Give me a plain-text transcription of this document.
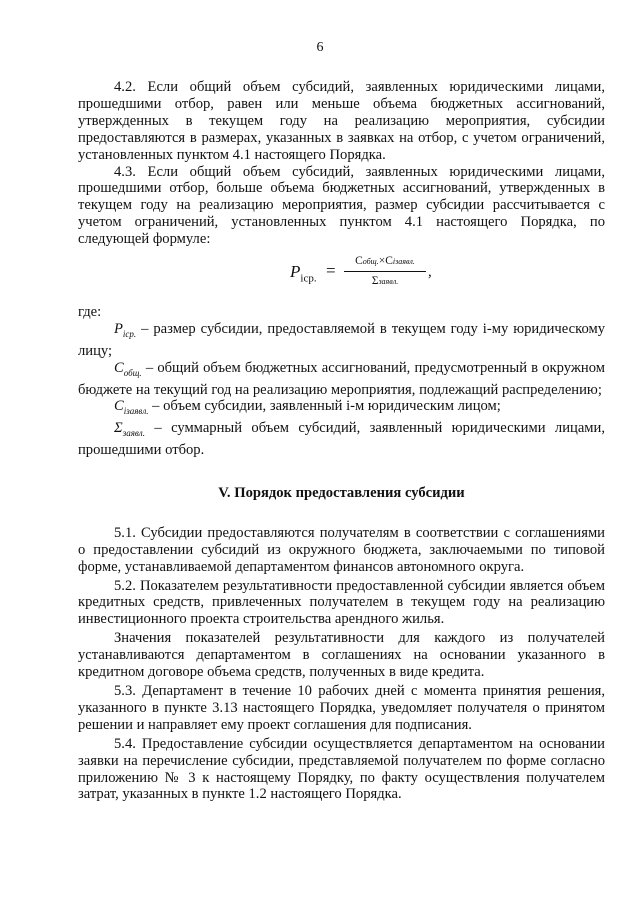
6

4.2. Если общий объем субсидий, заявленных юридическими лицами, прошедшими отбор, равен или меньше объема бюджетных ассигнований, утвержденных в текущем году на реализацию мероприятия, субсидии предоставляются в размерах, указанных в заявках на отбор, с учетом ограничений, установленных пунктом 4.1 настоящего Порядка.

4.3. Если общий объем субсидий, заявленных юридическими лицами, прошедшими отбор, больше объема бюджетных ассигнований, утвержденных в текущем году на реализацию мероприятия, размер субсидии рассчитывается с учетом ограничений, установленных пунктом 4.1 настоящего Порядка, по следующей формуле:

$P_{iср.}$ =	Cобщ.×Ciзаявл.
Σзаявл.
,

где:

$P_{iср.}$ – размер субсидии, предоставляемой в текущем году i-му юридическому лицу;

$C_{общ.}$ – общий объем бюджетных ассигнований, предусмотренный в окружном бюджете на текущий год на реализацию мероприятия, подлежащий распределению;

$C_{iзаявл.}$ – объем субсидии, заявленный i-м юридическим лицом;

$\Sigma_{заявл.}$ – суммарный объем субсидий, заявленный юридическими лицами, прошедшими отбор.

V. Порядок предоставления субсидии

5.1. Субсидии предоставляются получателям в соответствии с соглашениями о предоставлении субсидий из окружного бюджета, заключаемыми по типовой форме, устанавливаемой департаментом финансов автономного округа.

5.2. Показателем результативности предоставленной субсидии является объем кредитных средств, привлеченных получателем в текущем году на реализацию инвестиционного проекта строительства арендного жилья.

Значения показателей результативности для каждого из получателей устанавливаются департаментом в соглашениях на основании указанного в кредитном договоре объема средств, полученных в виде кредита.

5.3. Департамент в течение 10 рабочих дней с момента принятия решения, указанного в пункте 3.13 настоящего Порядка, уведомляет получателя о принятом решении и направляет ему проект соглашения для подписания.

5.4. Предоставление субсидии осуществляется департаментом на основании заявки на перечисление субсидии, представляемой получателем по форме согласно приложению № 3 к настоящему Порядку, по факту осуществления получателем затрат, указанных в пункте 1.2 настоящего Порядка.
